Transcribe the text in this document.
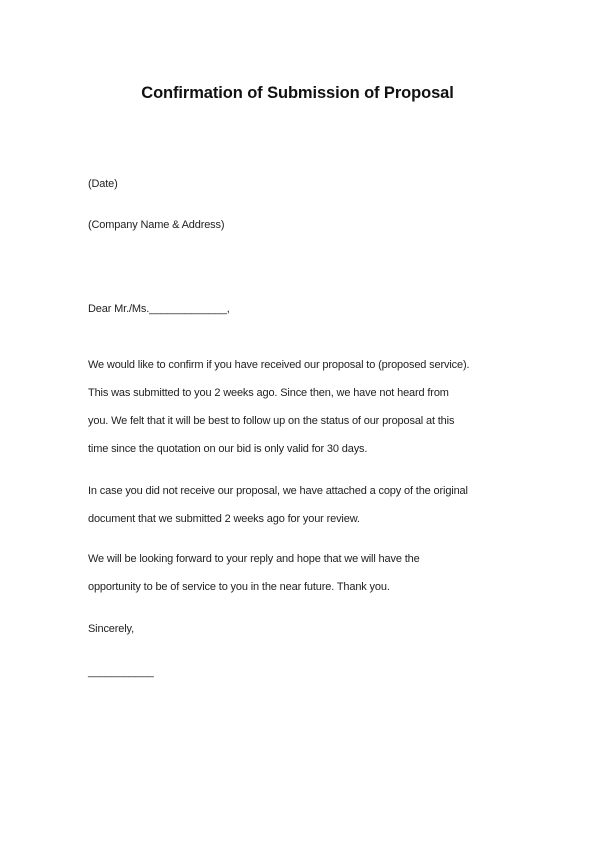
Confirmation of Submission of Proposal
(Date)
(Company Name & Address)
Dear Mr./Ms._____________,
We would like to confirm if you have received our proposal to (proposed service).
This was submitted to you 2 weeks ago. Since then, we have not heard from
you. We felt that it will be best to follow up on the status of our proposal at this
time since the quotation on our bid is only valid for 30 days.
In case you did not receive our proposal, we have attached a copy of the original
document that we submitted 2 weeks ago for your review.
We will be looking forward to your reply and hope that we will have the
opportunity to be of service to you in the near future. Thank you.
Sincerely,
___________
